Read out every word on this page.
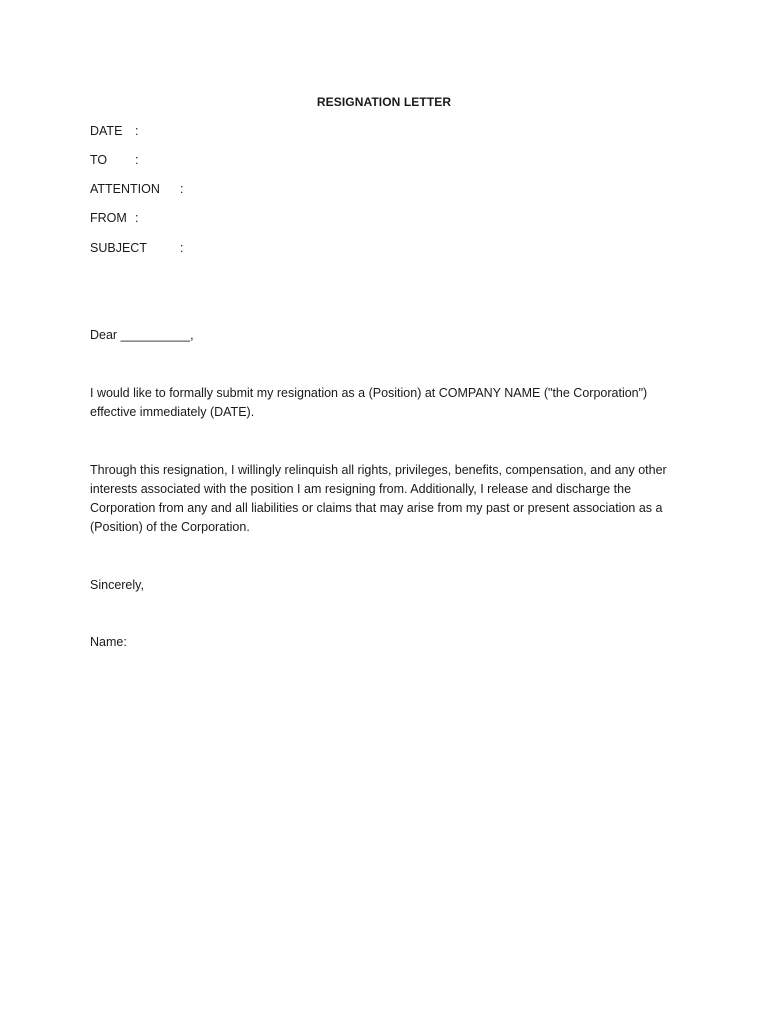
RESIGNATION LETTER
DATE :
TO :
ATTENTION :
FROM :
SUBJECT	:

Dear __________,

I would like to formally submit my resignation as a (Position) at COMPANY NAME ("the Corporation") effective immediately (DATE).

Through this resignation, I willingly relinquish all rights, privileges, benefits, compensation, and any other interests associated with the position I am resigning from. Additionally, I release and discharge the Corporation from any and all liabilities or claims that may arise from my past or present association as a (Position) of the Corporation.

Sincerely,

Name:
